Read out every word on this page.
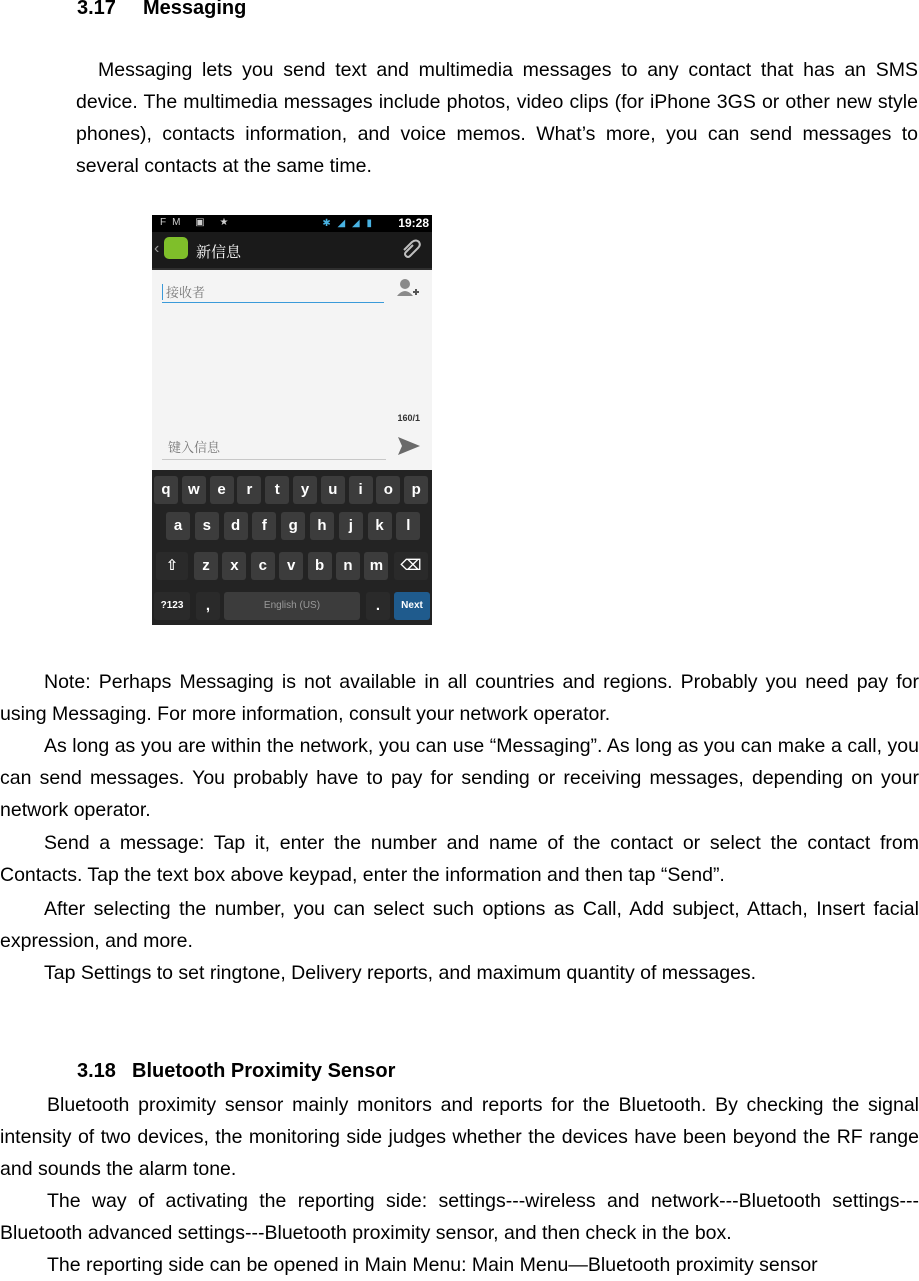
3.17 Messaging

Messaging lets you send text and multimedia messages to any contact that has an SMS device. The multimedia messages include photos, video clips (for iPhone 3GS or other new style phones), contacts information, and voice memos. What’s more, you can send messages to several contacts at the same time.

FM ▣ ★	✱ ◢ ◢ ▮ 19:28
‹ 新信息
接收者
160/1
键入信息
q	w	e	r	t	y	u	i	o	p
a	s	d	f	g	h	j	k	l
⇧	⌫
z	x	c	v	b	n	m
?123	,	English (US)	.	Next

Note: Perhaps Messaging is not available in all countries and regions. Probably you need pay for using Messaging. For more information, consult your network operator.

As long as you are within the network, you can use “Messaging”. As long as you can make a call, you can send messages. You probably have to pay for sending or receiving messages, depending on your network operator.

Send a message: Tap it, enter the number and name of the contact or select the contact from Contacts. Tap the text box above keypad, enter the information and then tap “Send”.

After selecting the number, you can select such options as Call, Add subject, Attach, Insert facial expression, and more.

Tap Settings to set ringtone, Delivery reports, and maximum quantity of messages.

3.18 Bluetooth Proximity Sensor

Bluetooth proximity sensor mainly monitors and reports for the Bluetooth. By checking the signal intensity of two devices, the monitoring side judges whether the devices have been beyond the RF range and sounds the alarm tone.

The way of activating the reporting side: settings---wireless and network---Bluetooth settings---Bluetooth advanced settings---Bluetooth proximity sensor, and then check in the box.

The reporting side can be opened in Main Menu: Main Menu—Bluetooth proximity sensor
